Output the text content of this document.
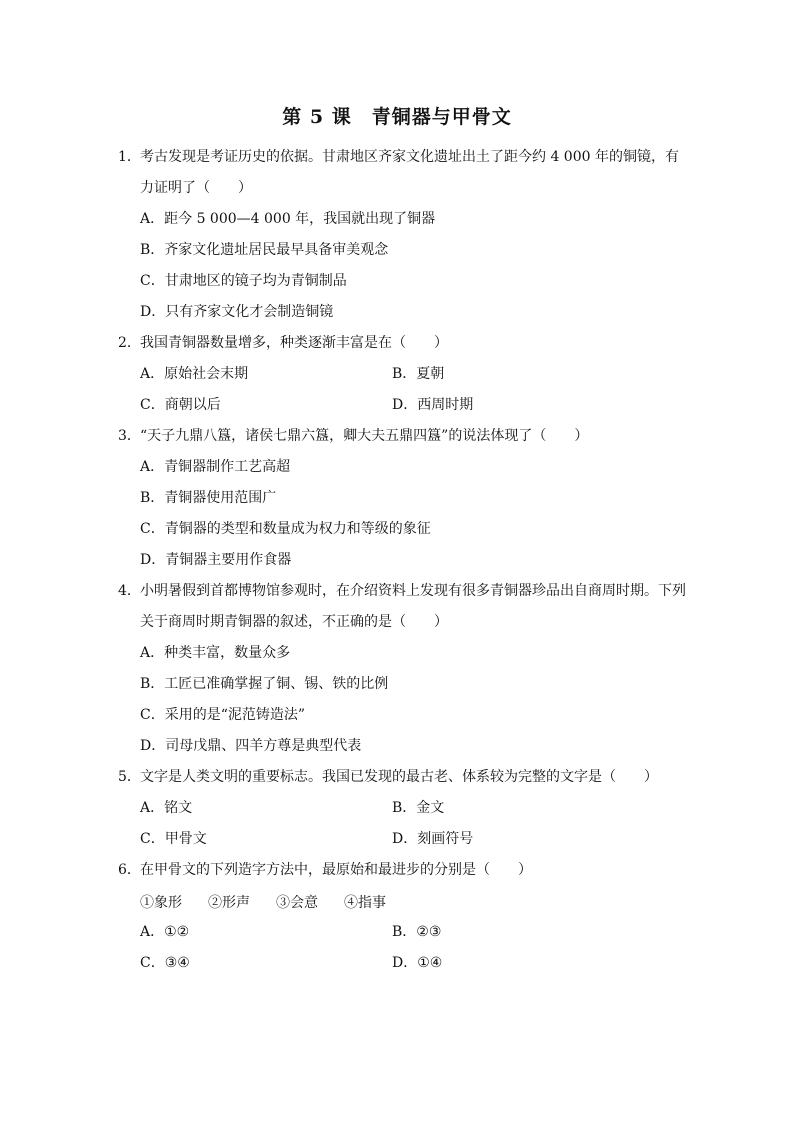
第 5 课　青铜器与甲骨文
1．考古发现是考证历史的依据。甘肃地区齐家文化遗址出土了距今约 4 000 年的铜镜，有力证明了（　　）
A． 距今 5 000—4 000 年，我国就出现了铜器
B． 齐家文化遗址居民最早具备审美观念
C． 甘肃地区的镜子均为青铜制品
D． 只有齐家文化才会制造铜镜
2．我国青铜器数量增多，种类逐渐丰富是在（　　）
A． 原始社会末期	B． 夏朝
C． 商朝以后	D． 西周时期
3．“天子九鼎八簋，诸侯七鼎六簋，卿大夫五鼎四簋”的说法体现了（　　）
A． 青铜器制作工艺高超
B． 青铜器使用范围广
C． 青铜器的类型和数量成为权力和等级的象征
D． 青铜器主要用作食器
4．小明暑假到首都博物馆参观时，在介绍资料上发现有很多青铜器珍品出自商周时期。下列关于商周时期青铜器的叙述，不正确的是（　　）
A． 种类丰富，数量众多
B． 工匠已准确掌握了铜、锡、铁的比例
C． 采用的是“泥范铸造法”
D． 司母戊鼎、四羊方尊是典型代表
5．文字是人类文明的重要标志。我国已发现的最古老、体系较为完整的文字是（　　）
A． 铭文	B． 金文
C． 甲骨文	D． 刻画符号
6．在甲骨文的下列造字方法中，最原始和最进步的分别是（　　）
①象形 ②形声 ③会意 ④指事
A． ①②	B． ②③
C． ③④	D． ①④
